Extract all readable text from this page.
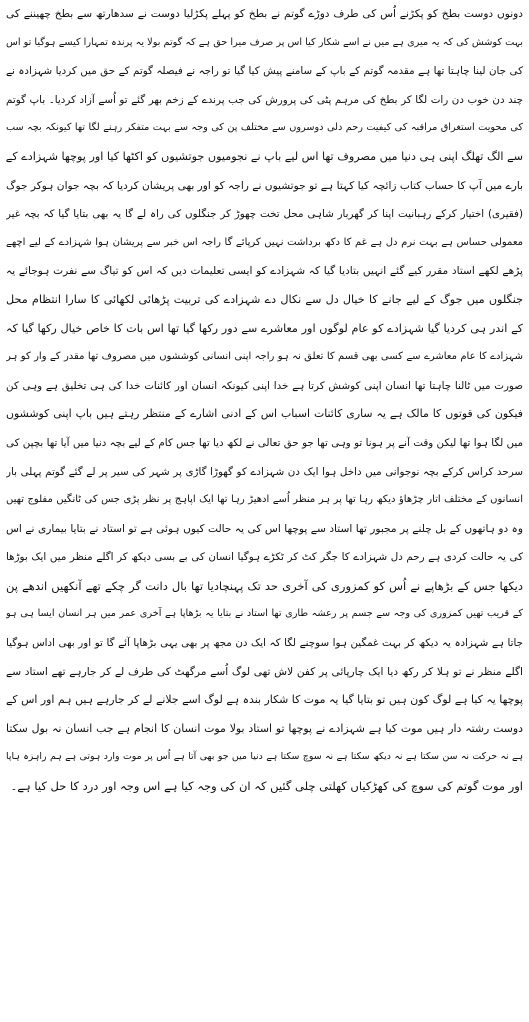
دونوں دوست بطخ کو پکڑنے اُس کی طرف دوڑے گوتم نے بطخ کو پہلے پکڑلیا دوست نے سدھارتھ سے بطخ چھیننے کی
بہت کوشش کی کہ یہ میری ہے میں نے اسے شکار کیا اس پر صرف میرا حق ہے کہ گوتم بولا یہ پرندہ تمہارا کیسے ہوگیا تو اس
کی جان لینا چاہتا تھا ہے مقدمہ گوتم کے باپ کے سامنے پیش کیا گیا تو راجہ نے فیصلہ گوتم کے حق میں کردیا شہزادہ نے
چند دن خوب دن رات لگا کر بطخ کی مرہم پٹی کی پرورش کی جب پرندے کے زخم بھر گئے تو اُسے آزاد کردیا۔ باپ گوتم
کی محویت استغراق مراقبہ کی کیفیت رحم دلی دوسروں سے مختلف پن کی وجہ سے بہت متفکر رہنے لگا تھا کیونکہ بچہ سب
سے الگ تھلگ اپنی ہی دنیا میں مصروف تھا اس لیے باپ نے نجومیوں جوتشیوں کو اکٹھا کیا اور پوچھا شہزادے کے
بارے میں آپ کا حساب کتاب زائچہ کیا کہتا ہے تو جوتشیوں نے راجہ کو اور بھی پریشان کردیا کہ بچہ جوان ہوکر جوگ
(فقیری) اختیار کرکے رہبانیت اپنا کر گھربار شاہی محل تخت چھوڑ کر جنگلوں کی راہ لے گا یہ بھی بتایا گیا کہ بچہ غیر
معمولی حساس ہے بہت نرم دل ہے غم کا دکھ برداشت نہیں کرپائے گا راجہ اس خبر سے پریشان ہوا شہزادے کے لیے اچھے
پڑھے لکھے استاد مقرر کیے گئے انہیں بتادیا گیا کہ شہزادے کو ایسی تعلیمات دیں کہ اس کو تیاگ سے نفرت ہوجائے یہ
جنگلوں میں جوگ کے لیے جانے کا خیال دل سے نکال دے شہزادے کی تربیت پڑھائی لکھائی کا سارا انتظام محل
کے اندر ہی کردیا گیا شہزادے کو عام لوگوں اور معاشرے سے دور رکھا گیا تھا اس بات کا خاص خیال رکھا گیا کہ
شہزادے کا عام معاشرے سے کسی بھی قسم کا تعلق نہ ہو راجہ اپنی انسانی کوششوں میں مصروف تھا مقدر کے وار کو ہر
صورت میں ٹالنا چاہتا تھا انسان اپنی کوشش کرتا ہے خدا اپنی کیونکہ انسان اور کائنات خدا کی ہی تخلیق ہے وہی کن
فیکون کی قوتوں کا مالک ہے یہ ساری کائنات اسباب اس کے ادنی اشارے کے منتظر رہتے ہیں باپ اپنی کوششوں
میں لگا ہوا تھا لیکن وقت آنے پر ہونا تو وہی تھا جو حق تعالی نے لکھ دیا تھا جس کام کے لیے بچہ دنیا میں آیا تھا بچپن کی
سرحد کراس کرکے بچہ نوجوانی میں داخل ہوا ایک دن شہزادے کو گھوڑا گاڑی پر شہر کی سیر پر لے گئے گوتم پہلی بار
انسانوں کے مختلف اتار چڑھاؤ دیکھ رہا تھا پر ہر منظر اُسے ادھیڑ رہا تھا ایک اپاہج پر نظر پڑی جس کی ٹانگیں مفلوج تھیں
وہ دو ہاتھوں کے بل چلنے پر مجبور تھا استاد سے پوچھا اس کی یہ حالت کیوں ہوئی ہے تو استاد نے بتایا بیماری نے اس
کی یہ حالت کردی ہے رحم دل شہزادے کا جگر کٹ کر ٹکڑے ہوگیا انسان کی بے بسی دیکھ کر اگلے منظر میں ایک بوڑھا
دیکھا جس کے بڑھاپے نے اُس کو کمزوری کی آخری حد تک پہنچادیا تھا بال دانت گر چکے تھے آنکھیں اندھے پن
کے قریب تھیں کمزوری کی وجہ سے جسم پر رعشہ طاری تھا استاد نے بتایا یہ بڑھاپا ہے آخری عمر میں ہر انسان ایسا ہی ہو
جاتا ہے شہزادہ یہ دیکھ کر بہت غمگین ہوا سوچنے لگا کہ ایک دن مجھ پر بھی یہی بڑھاپا آئے گا تو اور بھی اداس ہوگیا
اگلے منظر نے تو ہلا کر رکھ دیا ایک چارپائی پر کفن لاش تھی لوگ اُسے مرگھٹ کی طرف لے کر جارہے تھے استاد سے
پوچھا یہ کیا ہے لوگ کون ہیں تو بتایا گیا یہ موت کا شکار بندہ ہے لوگ اسے جلانے لے کر جارہے ہیں ہم اور اس کے
دوست رشتہ دار ہیں موت کیا ہے شہزادے نے پوچھا تو استاد بولا موت انسان کا انجام ہے جب انسان نہ بول سکتا
ہے نہ حرکت نہ سن سکتا ہے نہ دیکھ سکتا ہے نہ سوچ سکتا ہے دنیا میں جو بھی آتا ہے اُس پر موت وارد ہوتی ہے ہم راہزہ ہاپا
اور موت گوتم کی سوچ کی کھڑکیاں کھلتی چلی گئیں کہ ان کی وجہ کیا ہے اس وجہ اور درد کا حل کیا ہے۔
